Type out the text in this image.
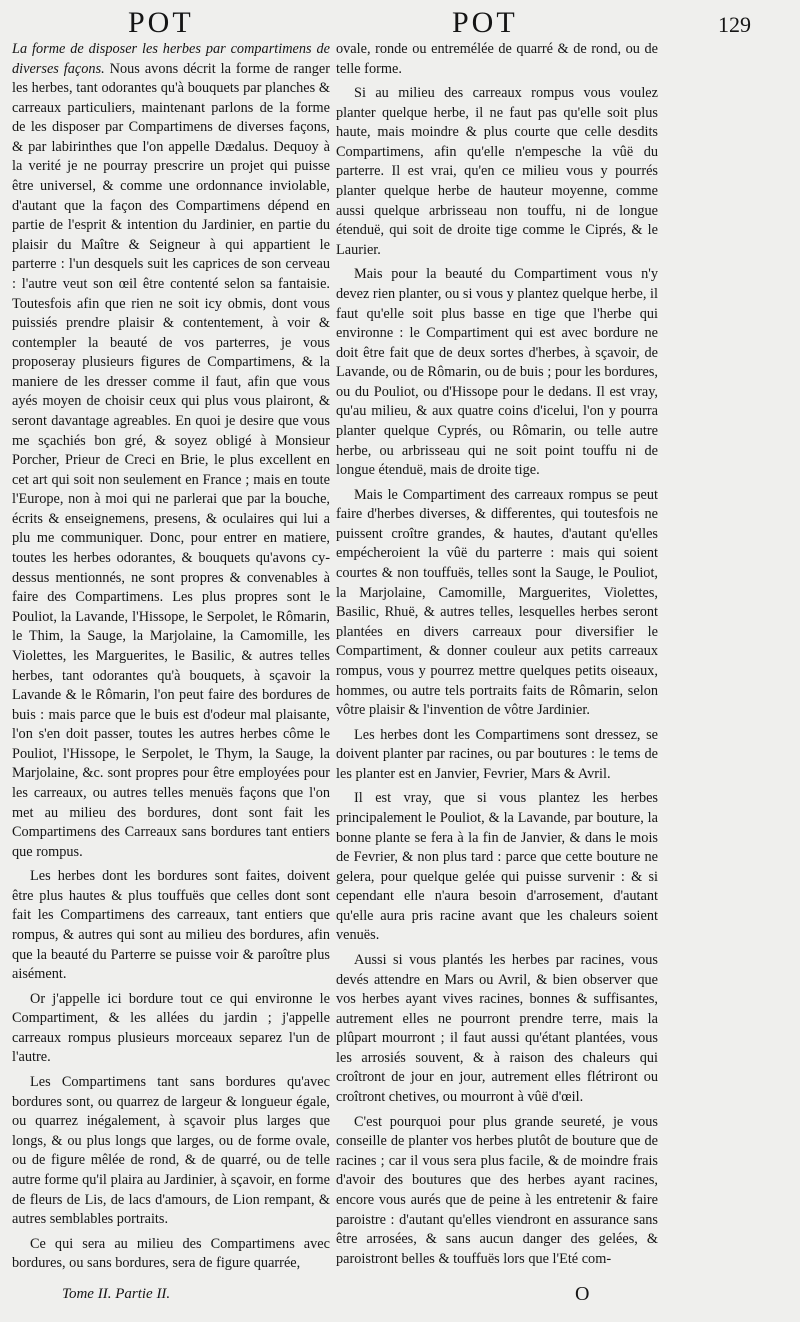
POT	POT	129

La forme de disposer les herbes par compartimens de diverses façons. Nous avons décrit la forme de ranger les herbes, tant odorantes qu'à bouquets par planches & carreaux particuliers, maintenant parlons de la forme de les disposer par Compartimens de diverses façons, & par labirinthes que l'on appelle Dædalus. Dequoy à la verité je ne pourray prescrire un projet qui puisse être universel, & comme une ordonnance inviolable, d'autant que la façon des Compartimens dépend en partie de l'esprit & intention du Jardinier, en partie du plaisir du Maître & Seigneur à qui appartient le parterre : l'un desquels suit les caprices de son cerveau : l'autre veut son œil être contenté selon sa fantaisie. Toutesfois afin que rien ne soit icy obmis, dont vous puissiés prendre plaisir & contentement, à voir & contempler la beauté de vos parterres, je vous proposeray plusieurs figures de Compartimens, & la maniere de les dresser comme il faut, afin que vous ayés moyen de choisir ceux qui plus vous plairont, & seront davantage agreables. En quoi je desire que vous me sçachiés bon gré, & soyez obligé à Monsieur Porcher, Prieur de Creci en Brie, le plus excellent en cet art qui soit non seulement en France ; mais en toute l'Europe, non à moi qui ne parlerai que par la bouche, écrits & enseignemens, presens, & oculaires qui lui a plu me communiquer. Donc, pour entrer en matiere, toutes les herbes odorantes, & bouquets qu'avons cy-dessus mentionnés, ne sont propres & convenables à faire des Compartimens. Les plus propres sont le Pouliot, la Lavande, l'Hissope, le Serpolet, le Rômarin, le Thim, la Sauge, la Marjolaine, la Camomille, les Violettes, les Marguerites, le Basilic, & autres telles herbes, tant odorantes qu'à bouquets, à sçavoir la Lavande & le Rômarin, l'on peut faire des bordures de buis : mais parce que le buis est d'odeur mal plaisante, l'on s'en doit passer, toutes les autres herbes côme le Pouliot, l'Hissope, le Serpolet, le Thym, la Sauge, la Marjolaine, &c. sont propres pour être employées pour les carreaux, ou autres telles menuës façons que l'on met au milieu des bordures, dont sont fait les Compartimens des Carreaux sans bordures tant entiers que rompus.

Les herbes dont les bordures sont faites, doivent être plus hautes & plus touffuës que celles dont sont fait les Compartimens des carreaux, tant entiers que rompus, & autres qui sont au milieu des bordures, afin que la beauté du Parterre se puisse voir & paroître plus aisément.

Or j'appelle ici bordure tout ce qui environne le Compartiment, & les allées du jardin ; j'appelle carreaux rompus plusieurs morceaux separez l'un de l'autre.

Les Compartimens tant sans bordures qu'avec bordures sont, ou quarrez de largeur & longueur égale, ou quarrez inégalement, à sçavoir plus larges que longs, & ou plus longs que larges, ou de forme ovale, ou de figure mêlée de rond, & de quarré, ou de telle autre forme qu'il plaira au Jardinier, à sçavoir, en forme de fleurs de Lis, de lacs d'amours, de Lion rempant, & autres semblables portraits.

Ce qui sera au milieu des Compartimens avec bordures, ou sans bordures, sera de figure quarrée,

ovale, ronde ou entremélée de quarré & de rond, ou de telle forme.

Si au milieu des carreaux rompus vous voulez planter quelque herbe, il ne faut pas qu'elle soit plus haute, mais moindre & plus courte que celle desdits Compartimens, afin qu'elle n'empesche la vûë du parterre. Il est vrai, qu'en ce milieu vous y pourrés planter quelque herbe de hauteur moyenne, comme aussi quelque arbrisseau non touffu, ni de longue étenduë, qui soit de droite tige comme le Ciprés, & le Laurier.

Mais pour la beauté du Compartiment vous n'y devez rien planter, ou si vous y plantez quelque herbe, il faut qu'elle soit plus basse en tige que l'herbe qui environne : le Compartiment qui est avec bordure ne doit être fait que de deux sortes d'herbes, à sçavoir, de Lavande, ou de Rômarin, ou de buis ; pour les bordures, ou du Pouliot, ou d'Hissope pour le dedans. Il est vray, qu'au milieu, & aux quatre coins d'icelui, l'on y pourra planter quelque Cyprés, ou Rômarin, ou telle autre herbe, ou arbrisseau qui ne soit point touffu ni de longue étenduë, mais de droite tige.

Mais le Compartiment des carreaux rompus se peut faire d'herbes diverses, & differentes, qui toutesfois ne puissent croître grandes, & hautes, d'autant qu'elles empécheroient la vûë du parterre : mais qui soient courtes & non touffuës, telles sont la Sauge, le Pouliot, la Marjolaine, Camomille, Marguerites, Violettes, Basilic, Rhuë, & autres telles, lesquelles herbes seront plantées en divers carreaux pour diversifier le Compartiment, & donner couleur aux petits carreaux rompus, vous y pourrez mettre quelques petits oiseaux, hommes, ou autre tels portraits faits de Rômarin, selon vôtre plaisir & l'invention de vôtre Jardinier.

Les herbes dont les Compartimens sont dressez, se doivent planter par racines, ou par boutures : le tems de les planter est en Janvier, Fevrier, Mars & Avril.

Il est vray, que si vous plantez les herbes principalement le Pouliot, & la Lavande, par bouture, la bonne plante se fera à la fin de Janvier, & dans le mois de Fevrier, & non plus tard : parce que cette bouture ne gelera, pour quelque gelée qui puisse survenir : & si cependant elle n'aura besoin d'arrosement, d'autant qu'elle aura pris racine avant que les chaleurs soient venuës.

Aussi si vous plantés les herbes par racines, vous devés attendre en Mars ou Avril, & bien observer que vos herbes ayant vives racines, bonnes & suffisantes, autrement elles ne pourront prendre terre, mais la plûpart mourront ; il faut aussi qu'étant plantées, vous les arrosiés souvent, & à raison des chaleurs qui croîtront de jour en jour, autrement elles flétriront ou croîtront chetives, ou mourront à vûë d'œil.

C'est pourquoi pour plus grande seureté, je vous conseille de planter vos herbes plutôt de bouture que de racines ; car il vous sera plus facile, & de moindre frais d'avoir des boutures que des herbes ayant racines, encore vous aurés que de peine à les entretenir & faire paroistre : d'autant qu'elles viendront en assurance sans être arrosées, & sans aucun danger des gelées, & paroistront belles & touffuës lors que l'Eté com-

Tome II. Partie II.	O
